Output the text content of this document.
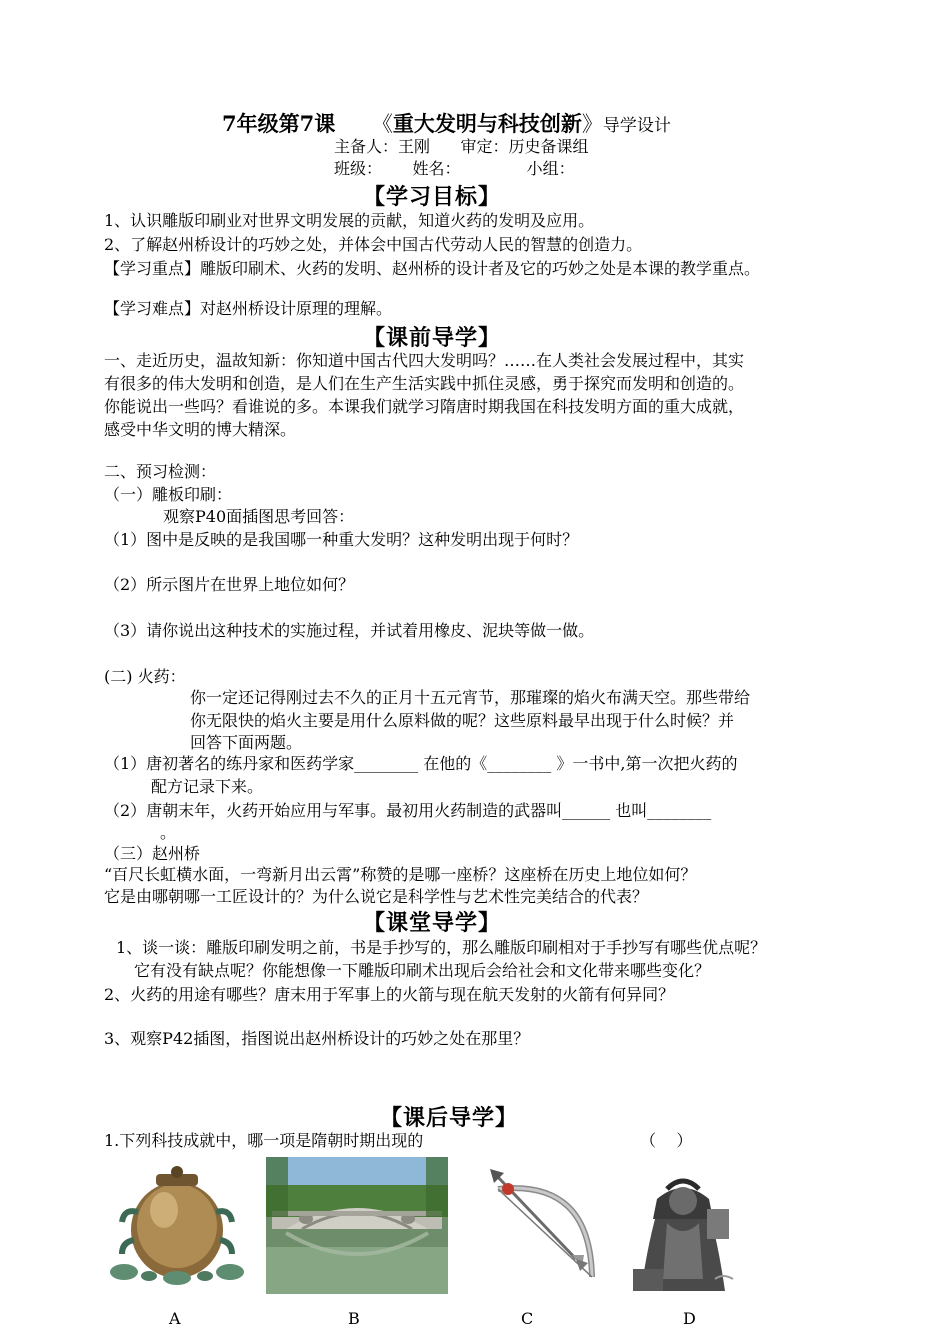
7年级第7课 《重大发明与科技创新》导学设计
主备人：王刚      审定：历史备课组
班级：      姓名：             小组：
【学习目标】
1、认识雕版印刷业对世界文明发展的贡献，知道火药的发明及应用。
2、了解赵州桥设计的巧妙之处，并体会中国古代劳动人民的智慧的创造力。
【学习重点】雕版印刷术、火药的发明、赵州桥的设计者及它的巧妙之处是本课的教学重点。
【学习难点】对赵州桥设计原理的理解。
【课前导学】
一、走近历史，温故知新：你知道中国古代四大发明吗？……在人类社会发展过程中，其实
有很多的伟大发明和创造，是人们在生产生活实践中抓住灵感，勇于探究而发明和创造的。
你能说出一些吗？看谁说的多。本课我们就学习隋唐时期我国在科技发明方面的重大成就，
感受中华文明的博大精深。
二、预习检测：
（一）雕板印刷：
观察P40面插图思考回答：
（1）图中是反映的是我国哪一种重大发明？这种发明出现于何时？
（2）所示图片在世界上地位如何？
（3）请你说出这种技术的实施过程，并试着用橡皮、泥块等做一做。
(二) 火药：
你一定还记得刚过去不久的正月十五元宵节，那璀璨的焰火布满天空。那些带给
你无限快的焰火主要是用什么原料做的呢？这些原料最早出现于什么时候？并
回答下面两题。
（1）唐初著名的练丹家和医药学家________ 在他的《________ 》一书中,第一次把火药的
配方记录下来。
（2）唐朝末年，火药开始应用与军事。最初用火药制造的武器叫______ 也叫________
。
（三）赵州桥
“百尺长虹横水面，一弯新月出云霄”称赞的是哪一座桥？这座桥在历史上地位如何？
它是由哪朝哪一工匠设计的？为什么说它是科学性与艺术性完美结合的代表？
【课堂导学】
1、谈一谈：雕版印刷发明之前，书是手抄写的，那么雕版印刷相对于手抄写有哪些优点呢？
它有没有缺点呢？你能想像一下雕版印刷术出现后会给社会和文化带来哪些变化？
2、火药的用途有哪些？唐末用于军事上的火箭与现在航天发射的火箭有何异同？
3、观察P42插图，指图说出赵州桥设计的巧妙之处在那里？
【课后导学】
1.下列科技成就中，哪一项是隋朝时期出现的	（    ）
A	B	C	D
